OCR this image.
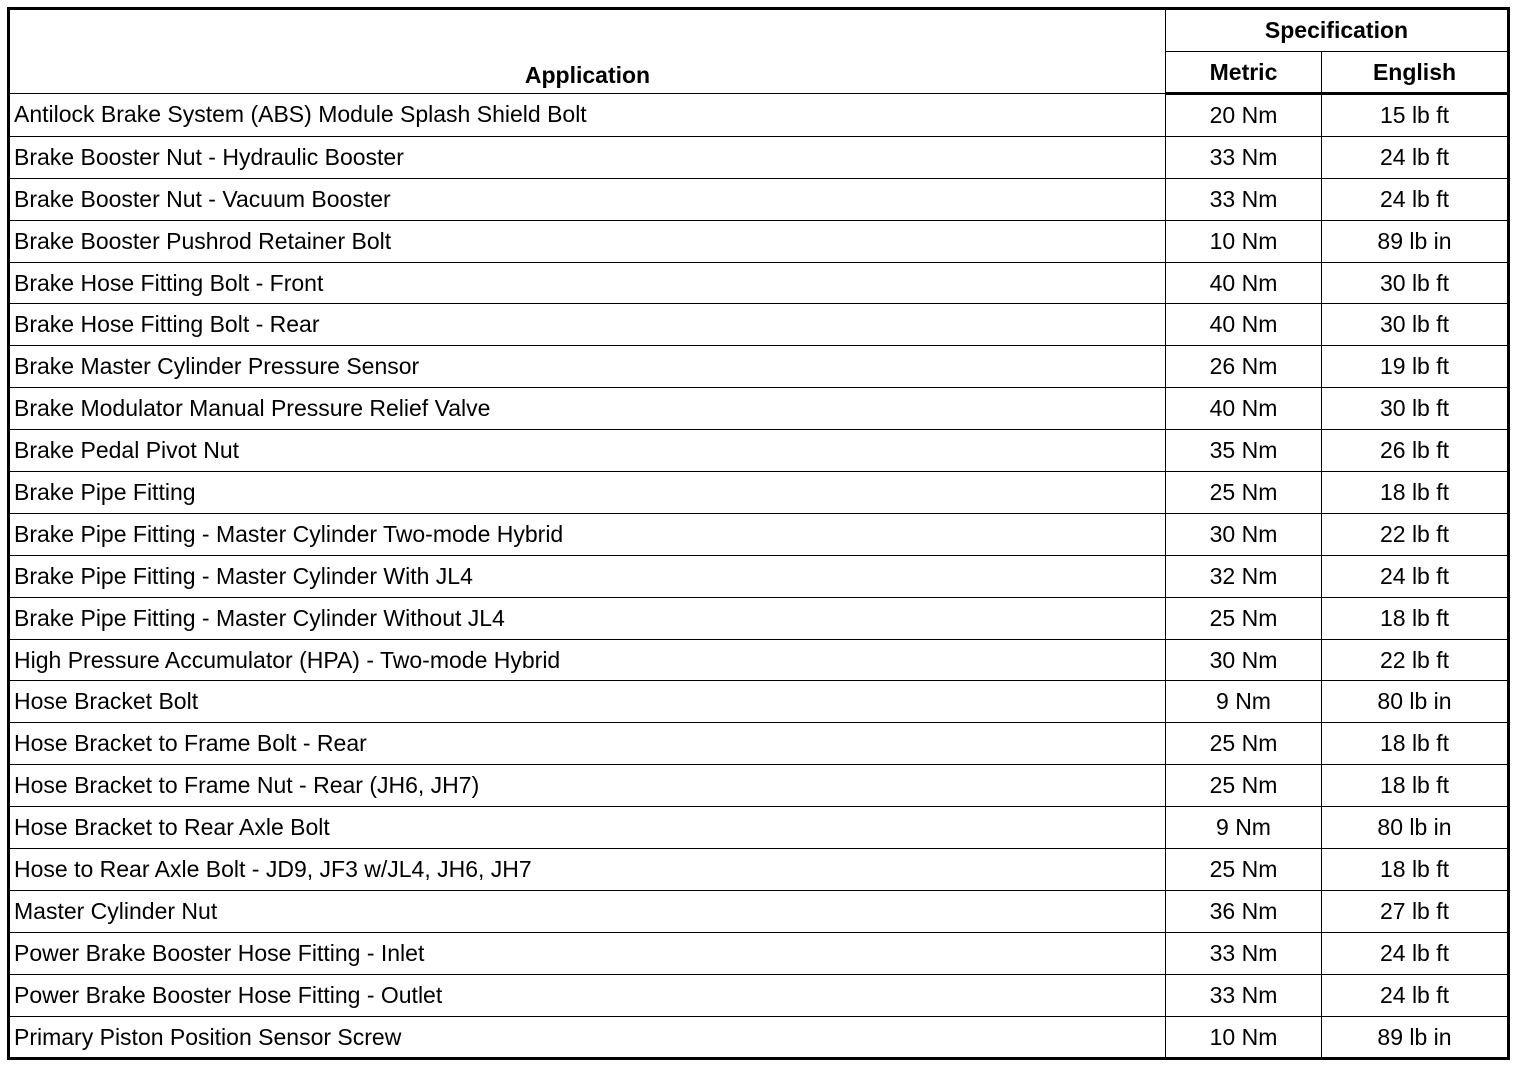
Application	Specification	
	Metric	English
Antilock Brake System (ABS) Module Splash Shield Bolt	20 Nm	15 lb ft
Brake Booster Nut - Hydraulic Booster	33 Nm	24 lb ft
Brake Booster Nut - Vacuum Booster	33 Nm	24 lb ft
Brake Booster Pushrod Retainer Bolt	10 Nm	89 lb in
Brake Hose Fitting Bolt - Front	40 Nm	30 lb ft
Brake Hose Fitting Bolt - Rear	40 Nm	30 lb ft
Brake Master Cylinder Pressure Sensor	26 Nm	19 lb ft
Brake Modulator Manual Pressure Relief Valve	40 Nm	30 lb ft
Brake Pedal Pivot Nut	35 Nm	26 lb ft
Brake Pipe Fitting	25 Nm	18 lb ft
Brake Pipe Fitting - Master Cylinder Two-mode Hybrid	30 Nm	22 lb ft
Brake Pipe Fitting - Master Cylinder With JL4	32 Nm	24 lb ft
Brake Pipe Fitting - Master Cylinder Without JL4	25 Nm	18 lb ft
High Pressure Accumulator (HPA) - Two-mode Hybrid	30 Nm	22 lb ft
Hose Bracket Bolt	9 Nm	80 lb in
Hose Bracket to Frame Bolt - Rear	25 Nm	18 lb ft
Hose Bracket to Frame Nut - Rear (JH6, JH7)	25 Nm	18 lb ft
Hose Bracket to Rear Axle Bolt	9 Nm	80 lb in
Hose to Rear Axle Bolt - JD9, JF3 w/JL4, JH6, JH7	25 Nm	18 lb ft
Master Cylinder Nut	36 Nm	27 lb ft
Power Brake Booster Hose Fitting - Inlet	33 Nm	24 lb ft
Power Brake Booster Hose Fitting - Outlet	33 Nm	24 lb ft
Primary Piston Position Sensor Screw	10 Nm	89 lb in
